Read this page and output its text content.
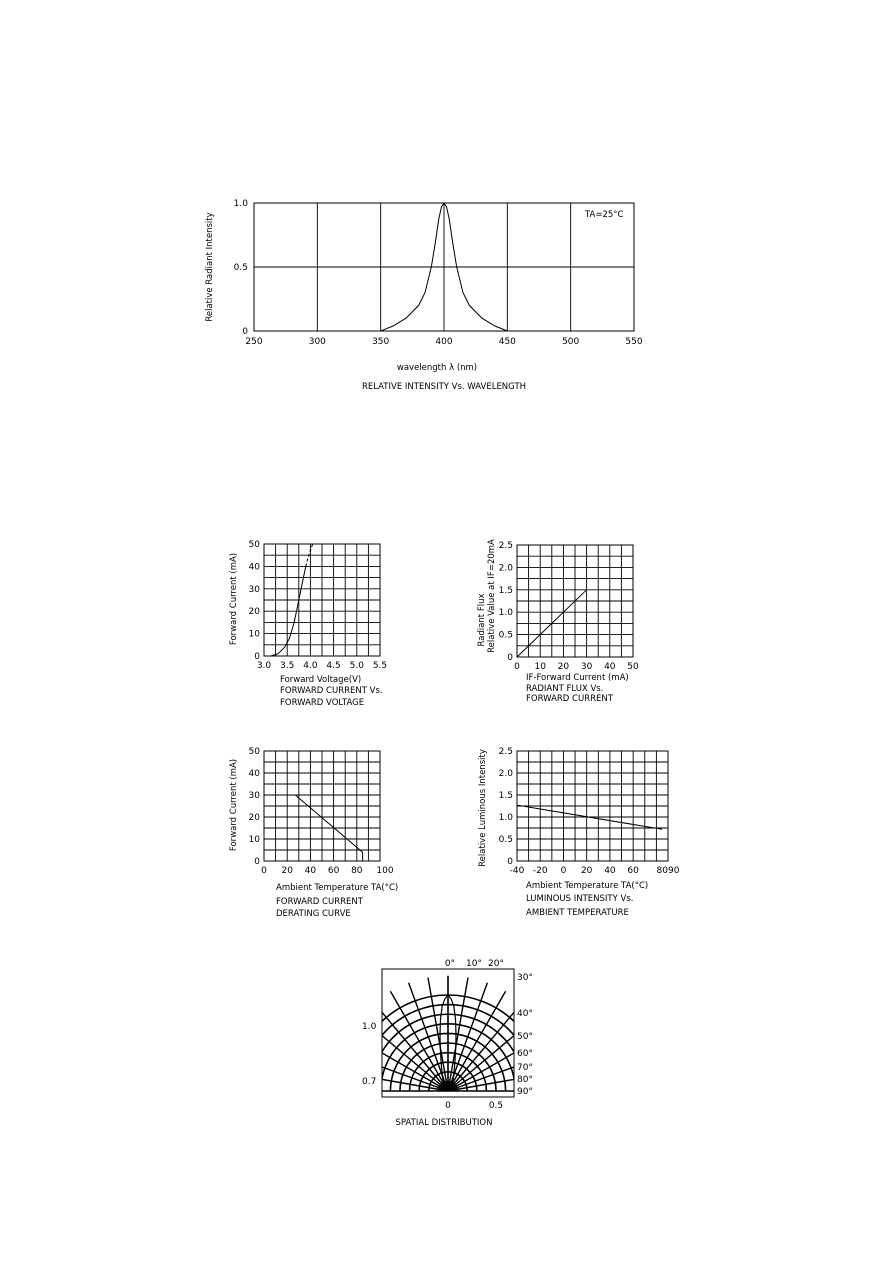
0
0.5
1.0
250	300	350	400	450	500	550
TA=25°C
Relative Radiant Intensity
wavelength λ (nm)
RELATIVE INTENSITY Vs. WAVELENGTH
0
10
20
30
40
50
3.0 3.5 4.0 4.5 5.0 5.5
Forward Current (mA)
Forward Voltage(V)
FORWARD CURRENT Vs.
FORWARD VOLTAGE
0
0.5
1.0
1.5
2.0
2.5
0 10 20 30 40 50
Radiant Flux Relative Value at IF=20mA
IF-Forward Current (mA)
RADIANT FLUX Vs.
FORWARD CURRENT
0
10
20
30
40
50
0 20 40 60 80 100
Forward Current (mA)
Ambient Temperature TA(°C)
FORWARD CURRENT
DERATING CURVE
0
0.5
1.0
1.5
2.0
2.5
-40 -20 0 20 40 60 8090
Relative Luminous Intensity
Ambient Temperature TA(°C)
LUMINOUS INTENSITY Vs.
AMBIENT TEMPERATURE
0° 10° 20°
30°
40°
50°
60°
70°
80°
90°
1.0
0.7
0	0.5
SPATIAL DISTRIBUTION
